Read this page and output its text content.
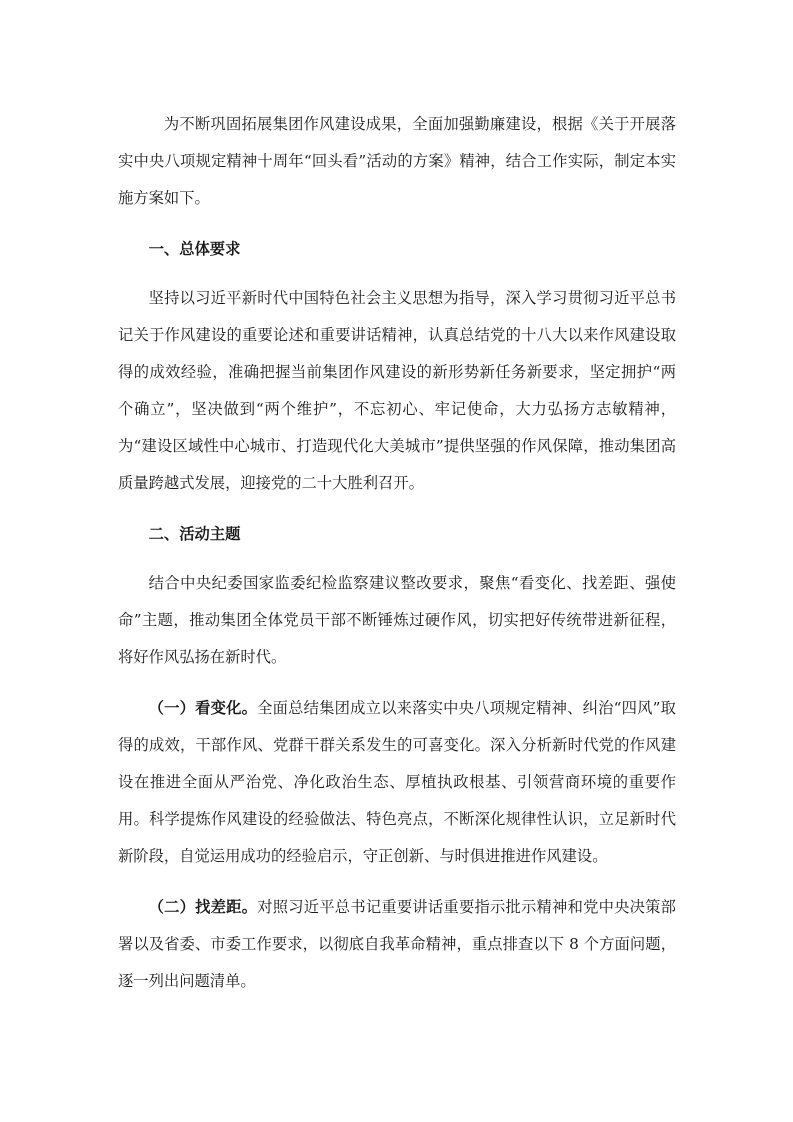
为不断巩固拓展集团作风建设成果，全面加强勤廉建设，根据《关于开展落实中央八项规定精神十周年“回头看”活动的方案》精神，结合工作实际，制定本实施方案如下。

一、总体要求

坚持以习近平新时代中国特色社会主义思想为指导，深入学习贯彻习近平总书记关于作风建设的重要论述和重要讲话精神，认真总结党的十八大以来作风建设取得的成效经验，准确把握当前集团作风建设的新形势新任务新要求，坚定拥护“两个确立”，坚决做到“两个维护”，不忘初心、牢记使命，大力弘扬方志敏精神，为“建设区域性中心城市、打造现代化大美城市”提供坚强的作风保障，推动集团高质量跨越式发展，迎接党的二十大胜利召开。

二、活动主题

结合中央纪委国家监委纪检监察建议整改要求，聚焦“看变化、找差距、强使命”主题，推动集团全体党员干部不断锤炼过硬作风，切实把好传统带进新征程，将好作风弘扬在新时代。

（一）看变化。全面总结集团成立以来落实中央八项规定精神、纠治“四风”取得的成效，干部作风、党群干群关系发生的可喜变化。深入分析新时代党的作风建设在推进全面从严治党、净化政治生态、厚植执政根基、引领营商环境的重要作用。科学提炼作风建设的经验做法、特色亮点，不断深化规律性认识，立足新时代新阶段，自觉运用成功的经验启示，守正创新、与时俱进推进作风建设。

（二）找差距。对照习近平总书记重要讲话重要指示批示精神和党中央决策部署以及省委、市委工作要求，以彻底自我革命精神，重点排查以下 8 个方面问题，逐一列出问题清单。
